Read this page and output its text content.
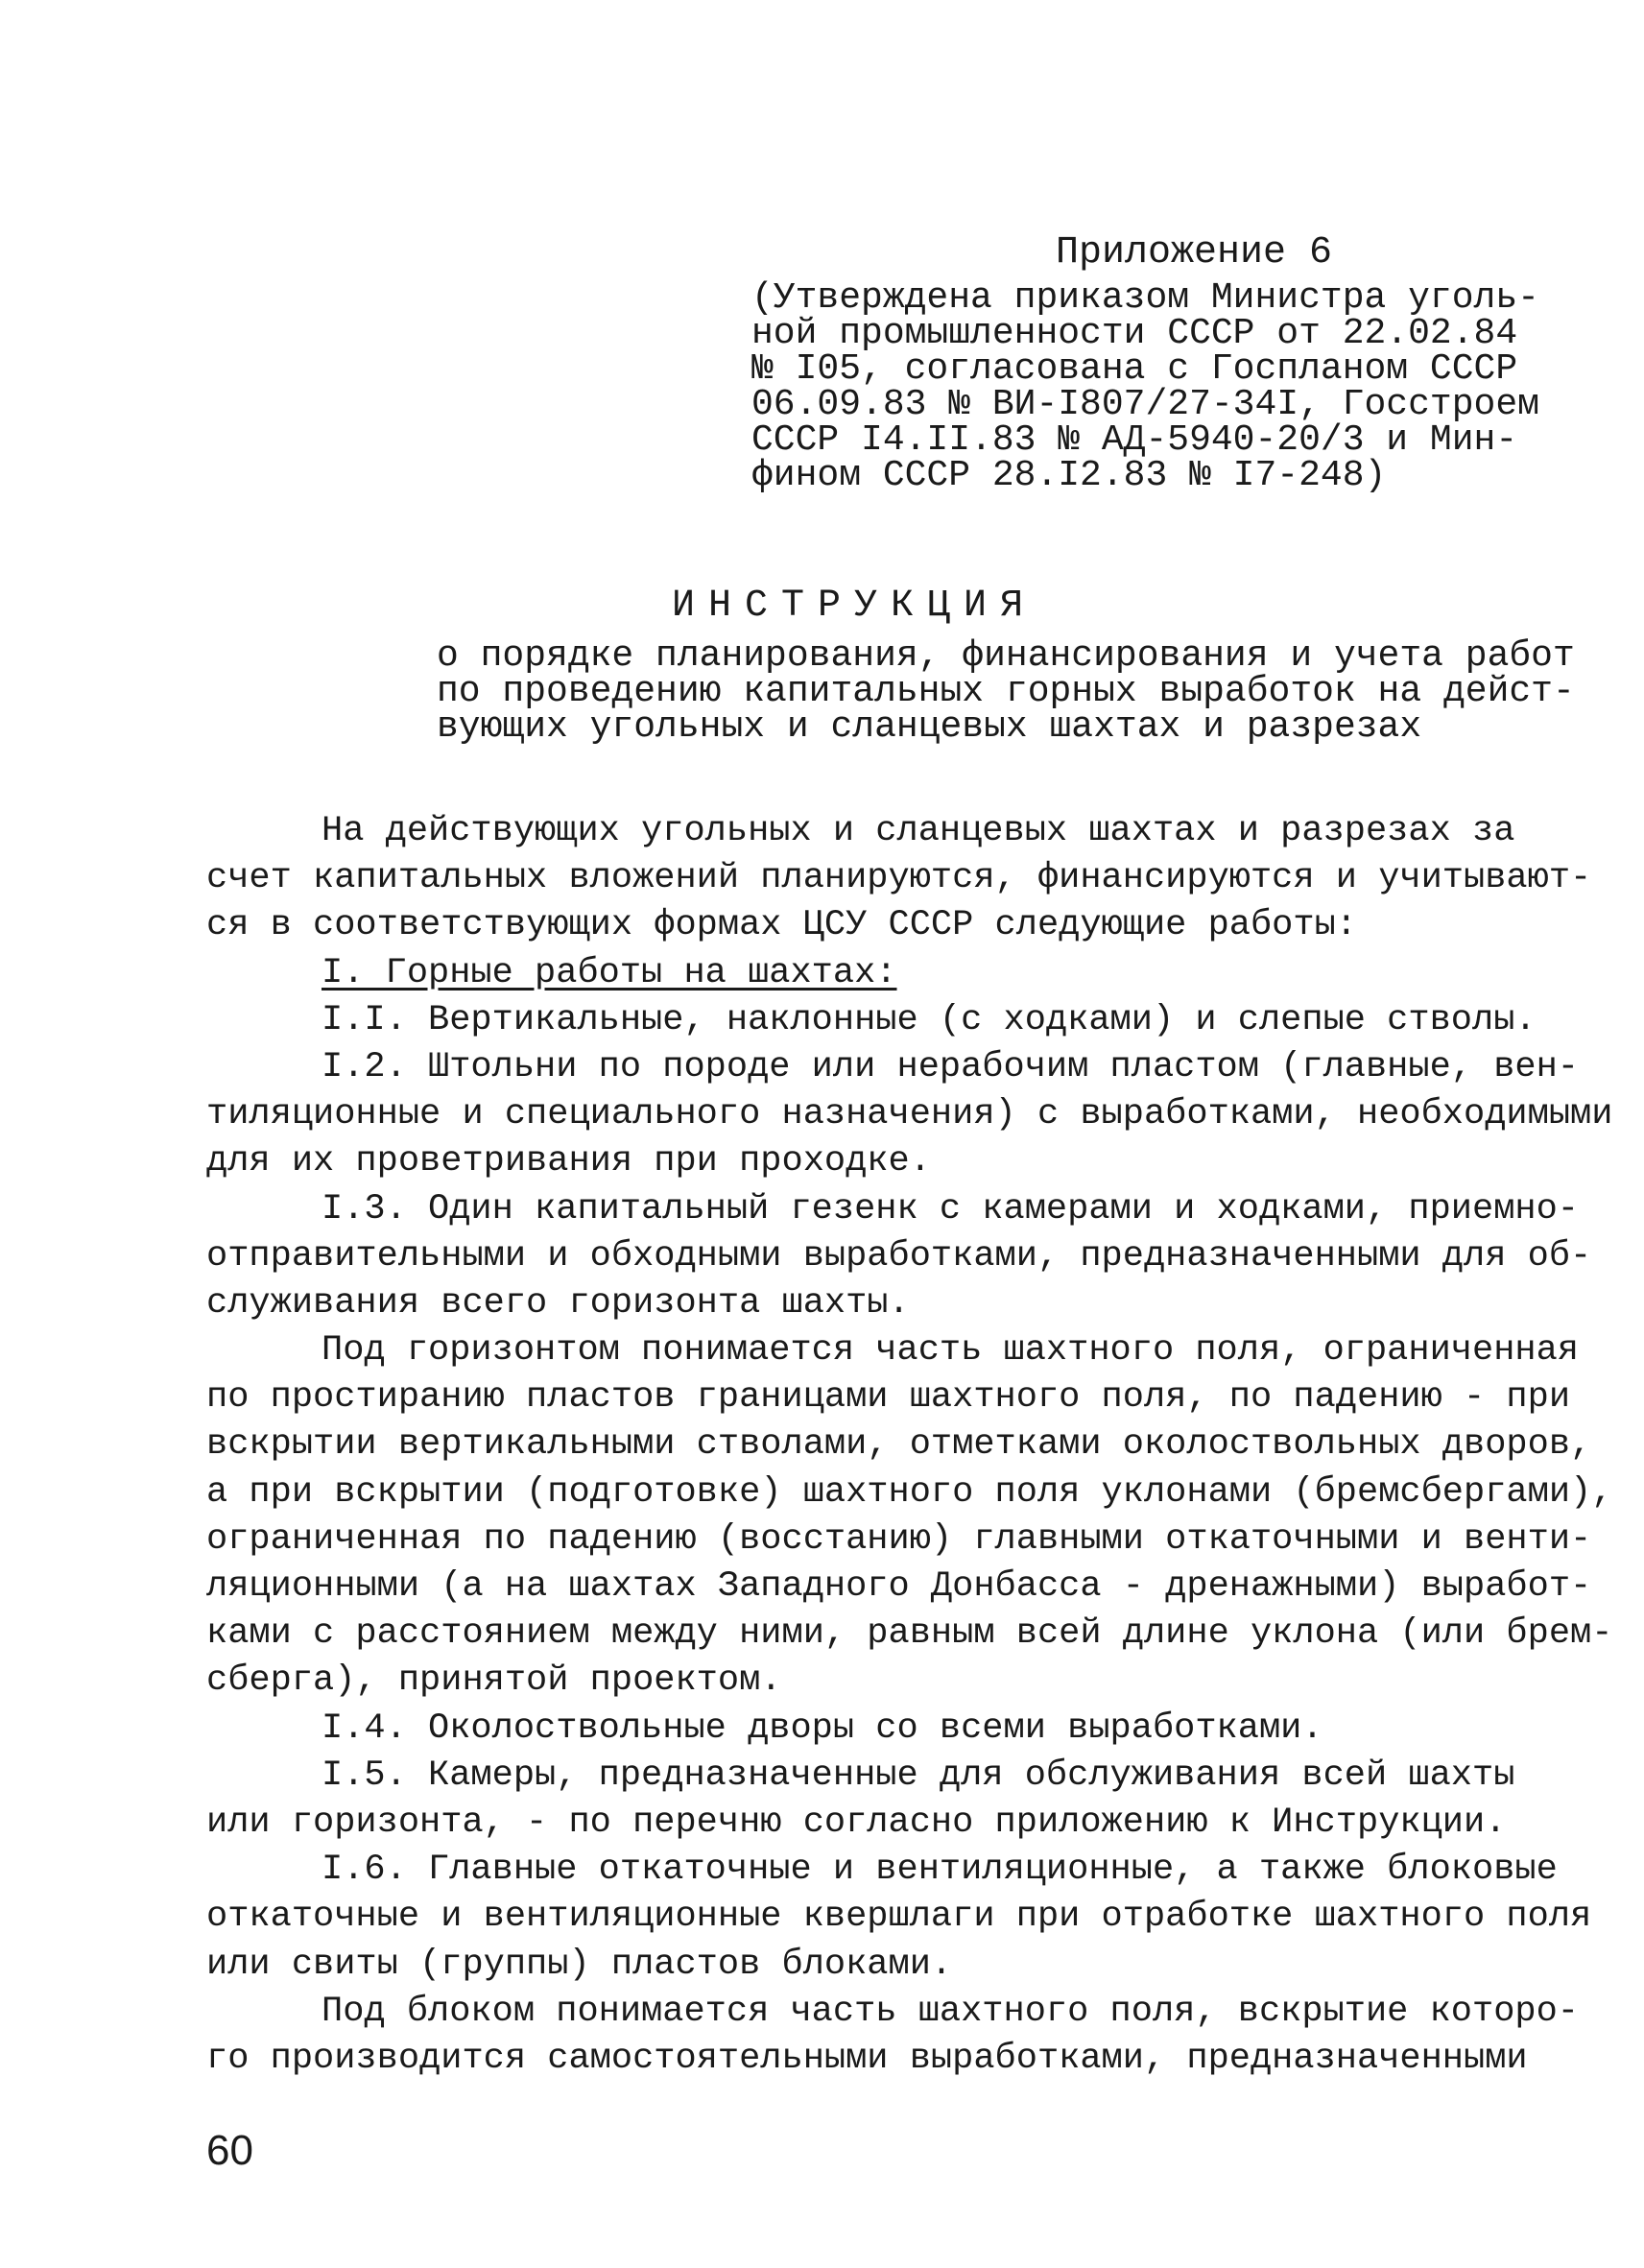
Приложение 6
(Утверждена приказом Министра уголь-
ной промышленности СССР от 22.02.84
№ I05, согласована с Госпланом СССР
06.09.83 № ВИ-I807/27-34I, Госстроем
СССР I4.II.83 № АД-5940-20/3 и Мин-
фином СССР 28.I2.83 № I7-248)
ИНСТРУКЦИЯ
о порядке планирования, финансирования и учета работ
по проведению капитальных горных выработок на дейст-
вующих угольных и сланцевых шахтах и разрезах
На действующих угольных и сланцевых шахтах и разрезах за
счет капитальных вложений планируются, финансируются и учитывают-
ся в соответствующих формах ЦСУ СССР следующие работы:
I. Горные работы на шахтах:
I.I. Вертикальные, наклонные (с ходками) и слепые стволы.
I.2. Штольни по породе или нерабочим пластом (главные, вен-
тиляционные и специального назначения) с выработками, необходимыми
для их проветривания при проходке.
I.3. Один капитальный гезенк с камерами и ходками, приемно-
отправительными и обходными выработками, предназначенными для об-
служивания всего горизонта шахты.
Под горизонтом понимается часть шахтного поля, ограниченная
по простиранию пластов границами шахтного поля, по падению - при
вскрытии вертикальными стволами, отметками околоствольных дворов,
а при вскрытии (подготовке) шахтного поля уклонами (бремсбергами),
ограниченная по падению (восстанию) главными откаточными и венти-
ляционными (а на шахтах Западного Донбасса - дренажными) выработ-
ками с расстоянием между ними, равным всей длине уклона (или брем-
сберга), принятой проектом.
I.4. Околоствольные дворы со всеми выработками.
I.5. Камеры, предназначенные для обслуживания всей шахты
или горизонта, - по перечню согласно приложению к Инструкции.
I.6. Главные откаточные и вентиляционные, а также блоковые
откаточные и вентиляционные квершлаги при отработке шахтного поля
или свиты (группы) пластов блоками.
Под блоком понимается часть шахтного поля, вскрытие которо-
го производится самостоятельными выработками, предназначенными
60
